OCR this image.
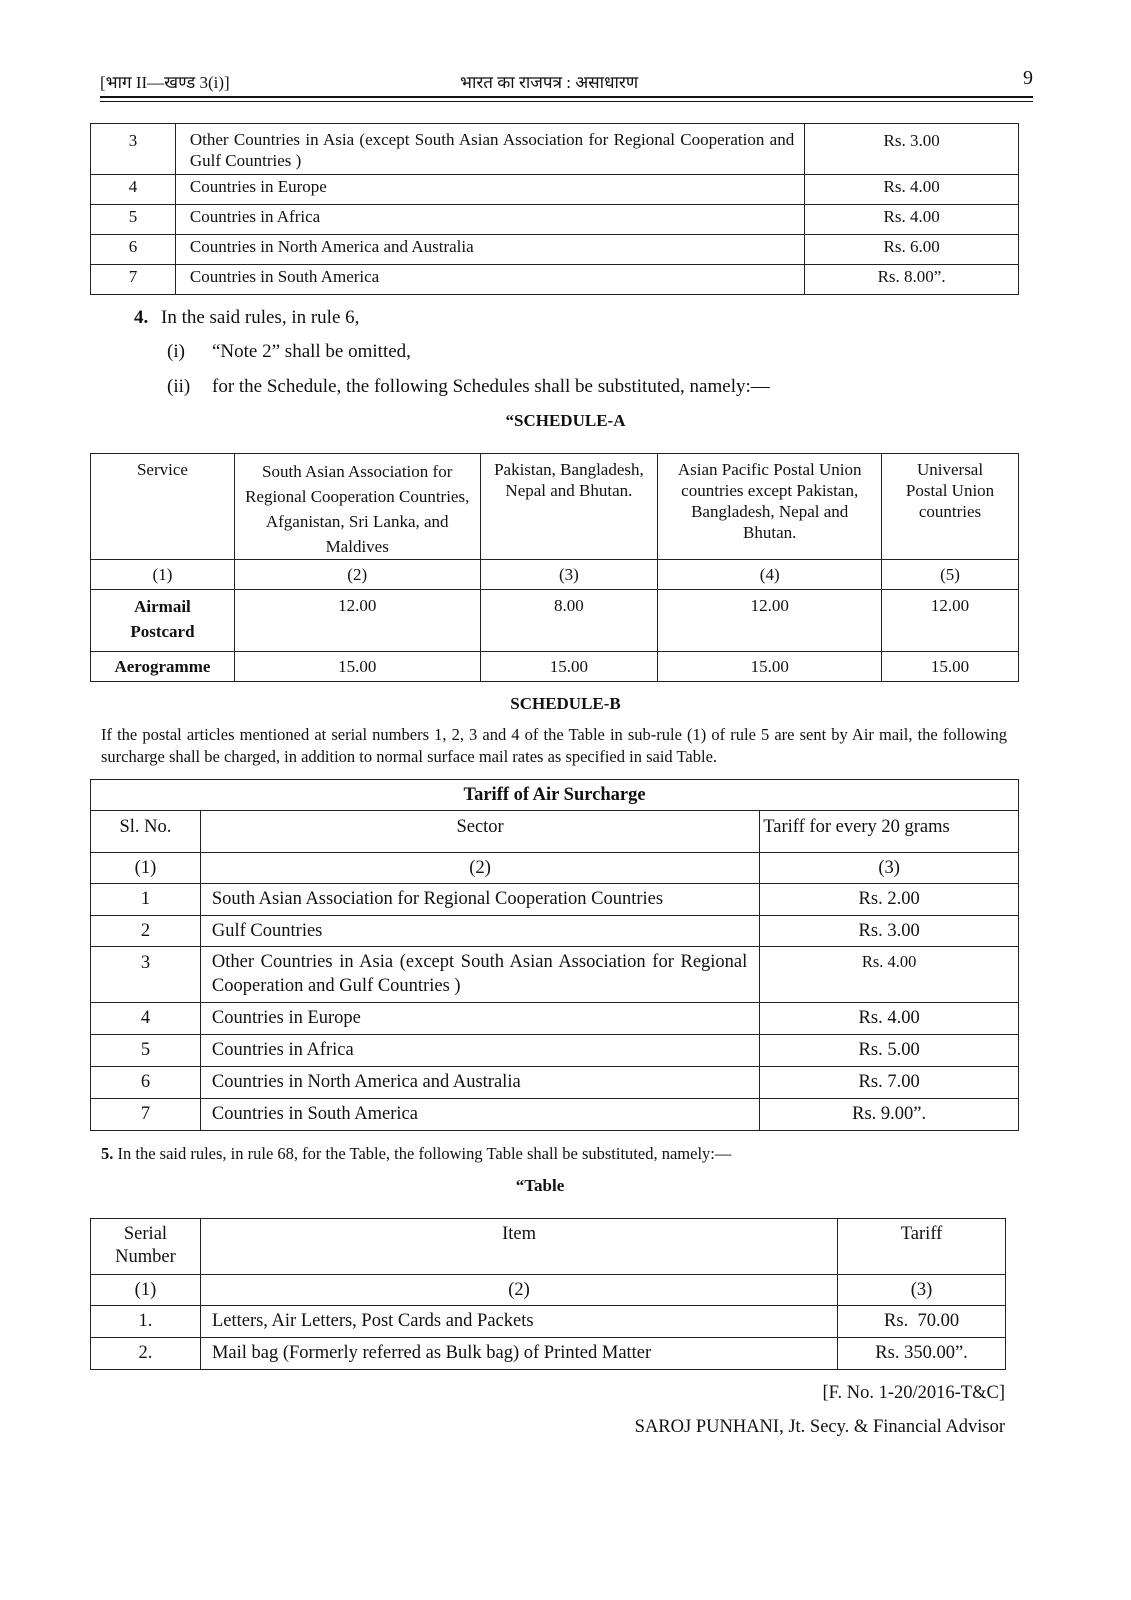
[भाग II—खण्ड 3(i)]	भारत का राजपत्र : असाधारण	9
3	Other Countries in Asia (except South Asian Association for Regional Cooperation and Gulf Countries )	Rs. 3.00
4	Countries in Europe	Rs. 4.00
5	Countries in Africa	Rs. 4.00
6	Countries in North America and Australia	Rs. 6.00
7	Countries in South America	Rs. 8.00”.
4. In the said rules, in rule 6,
(i) “Note 2” shall be omitted,
(ii) for the Schedule, the following Schedules shall be substituted, namely:—
“SCHEDULE-A
Service	South Asian Association for Regional Cooperation Countries, Afganistan, Sri Lanka, and Maldives	Pakistan, Bangladesh, Nepal and Bhutan.	Asian Pacific Postal Union countries except Pakistan, Bangladesh, Nepal and Bhutan.	Universal Postal Union countries
(1)	(2)	(3)	(4)	(5)
Airmail Postcard	12.00	8.00	12.00	12.00
Aerogramme	15.00	15.00	15.00	15.00
SCHEDULE-B
If the postal articles mentioned at serial numbers 1, 2, 3 and 4 of the Table in sub-rule (1) of rule 5 are sent by Air mail, the following surcharge shall be charged, in addition to normal surface mail rates as specified in said Table.
Tariff of Air Surcharge		
Sl. No.	Sector	Tariff for every 20 grams
(1)	(2)	(3)
1	South Asian Association for Regional Cooperation Countries	Rs. 2.00
2	Gulf Countries	Rs. 3.00
3	Other Countries in Asia (except South Asian Association for Regional Cooperation and Gulf Countries )	Rs. 4.00
4	Countries in Europe	Rs. 4.00
5	Countries in Africa	Rs. 5.00
6	Countries in North America and Australia	Rs. 7.00
7	Countries in South America	Rs. 9.00”.
5. In the said rules, in rule 68, for the Table, the following Table shall be substituted, namely:—
“Table
Serial Number	Item	Tariff
(1)	(2)	(3)
1.	Letters, Air Letters, Post Cards and Packets	Rs.  70.00
2.	Mail bag (Formerly referred as Bulk bag) of Printed Matter	Rs. 350.00”.
[F. No. 1-20/2016-T&C]
SAROJ PUNHANI, Jt. Secy. & Financial Advisor
